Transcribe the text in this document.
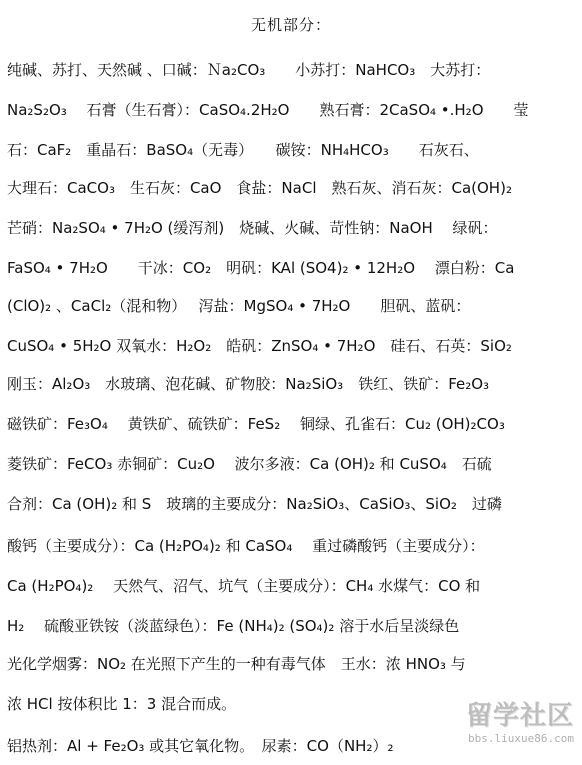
无机部分：
纯碱、苏打、天然碱 、口碱：Ｎa₂CO₃　　小苏打：NaHCO₃　大苏打：
Na₂S₂O₃　 石膏（生石膏）：CaSO₄.2H₂O　　熟石膏：2CaSO₄ •.H₂O　　莹
石：CaF₂　重晶石：BaSO₄（无毒）　　碳铵：NH₄HCO₃　　石灰石、
大理石：CaCO₃　生石灰：CaO　食盐：NaCl　熟石灰、消石灰：Ca(OH)₂
芒硝：Na₂SO₄ • 7H₂O (缓泻剂)　烧碱、火碱、苛性钠：NaOH　 绿矾：
FaSO₄ • 7H₂O　　干冰：CO₂　明矾：KAl (SO4)₂ • 12H₂O　 漂白粉：Ca
(ClO)₂ 、CaCl₂（混和物）　 泻盐：MgSO₄ • 7H₂O　　胆矾、蓝矾：
CuSO₄ • 5H₂O 双氧水：H₂O₂　皓矾：ZnSO₄ • 7H₂O　硅石、石英：SiO₂
刚玉：Al₂O₃　水玻璃、泡花碱、矿物胶：Na₂SiO₃　铁红、铁矿：Fe₂O₃
磁铁矿：Fe₃O₄　 黄铁矿、硫铁矿：FeS₂　 铜绿、孔雀石：Cu₂ (OH)₂CO₃
菱铁矿：FeCO₃ 赤铜矿：Cu₂O　 波尔多液：Ca (OH)₂ 和 CuSO₄　石硫
合剂：Ca (OH)₂ 和 S　玻璃的主要成分：Na₂SiO₃、CaSiO₃、SiO₂　过磷
酸钙（主要成分）：Ca (H₂PO₄)₂ 和 CaSO₄　 重过磷酸钙（主要成分）：
Ca (H₂PO₄)₂　 天然气、沼气、坑气（主要成分）：CH₄ 水煤气：CO 和
H₂　 硫酸亚铁铵（淡蓝绿色）：Fe (NH₄)₂ (SO₄)₂ 溶于水后呈淡绿色
光化学烟雾：NO₂ 在光照下产生的一种有毒气体　王水：浓 HNO₃ 与
浓 HCl 按体积比 1：3 混合而成。
铝热剂：Al + Fe₂O₃ 或其它氧化物。　尿素：CO（NH₂）₂
留学社区
bbs.liuxue86.com
